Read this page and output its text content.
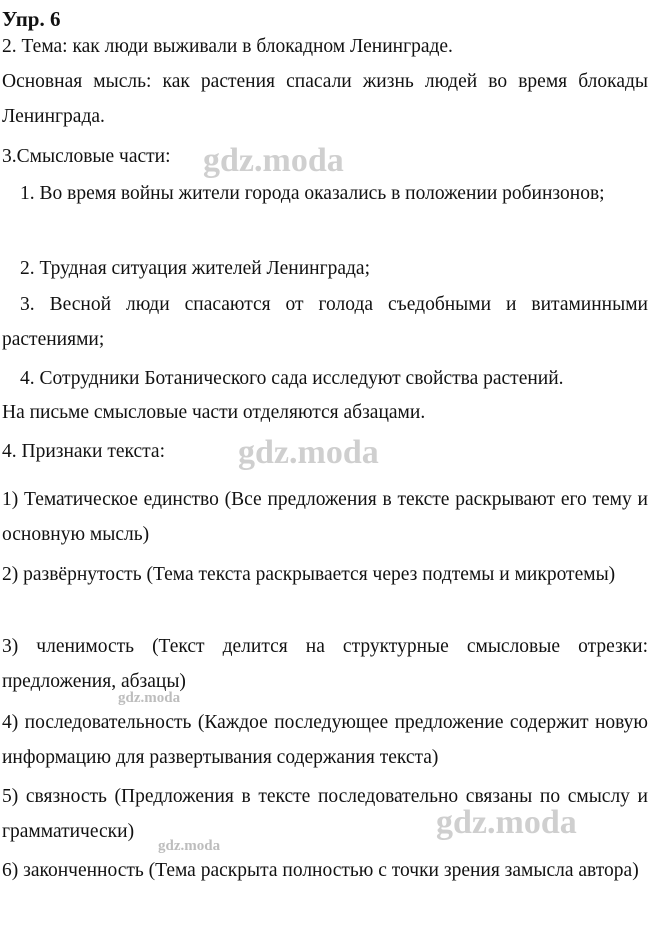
Упр. 6

2. Тема: как люди выживали в блокадном Ленинграде.

Основная мысль: как растения спасали жизнь людей во время блокады Ленинграда.

3.Смысловые части:

1. Во время войны жители города оказались в положении робинзонов;

2. Трудная ситуация жителей Ленинграда;

3. Весной люди спасаются от голода съедобными и витаминными растениями;

4. Сотрудники Ботанического сада исследуют свойства растений.

На письме смысловые части отделяются абзацами.

4. Признаки текста:

1) Тематическое единство (Все предложения в тексте раскрывают его тему и основную мысль)

2) развёрнутость (Тема текста раскрывается через подтемы и микротемы)

3) членимость (Текст делится на структурные смысловые отрезки: предложения, абзацы)

4) последовательность (Каждое последующее предложение содержит новую информацию для развертывания содержания текста)

5) связность (Предложения в тексте последовательно связаны по смыслу и грамматически)

6) законченность (Тема раскрыта полностью с точки зрения замысла автора)

gdz.moda
gdz.moda
gdz.moda
gdz.moda
gdz.moda
